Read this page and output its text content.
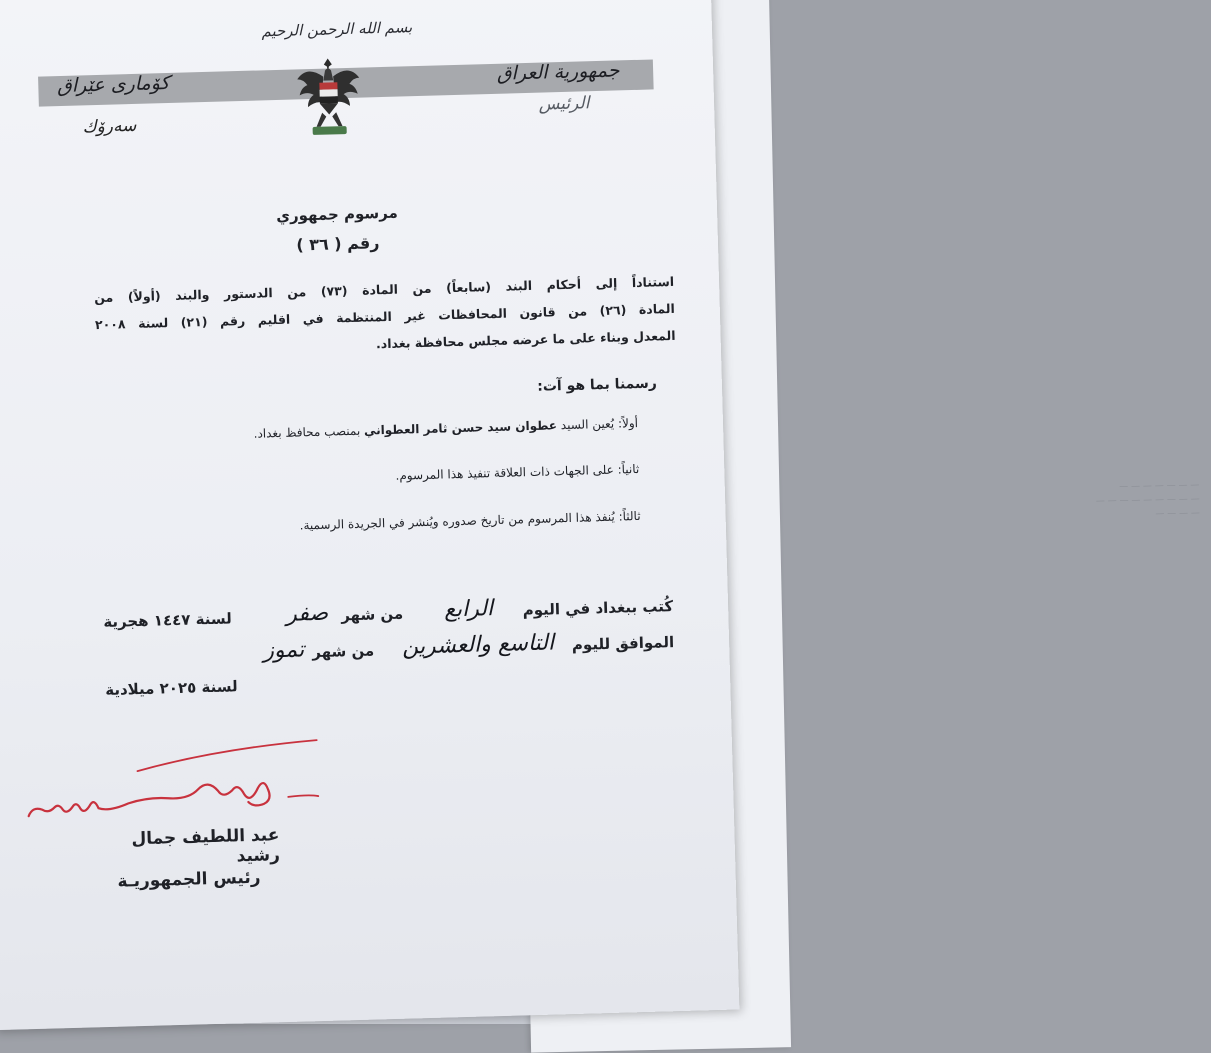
— — — — — — —
— — — — — — — — —
— — — —
بسم الله الرحمن الرحيم
كۆمارى عێراق	جمهورية العراق
سەرۆك
الرئيس
مرسوم جمهوري
رقم ( ٣٦ )
استناداً إلى أحكام البند (سابعاً) من المادة (٧٣) من الدستور والبند (أولاً) من
المادة (٢٦) من قانون المحافظات غير المنتظمة في اقليم رقم (٢١) لسنة ٢٠٠٨
المعدل وبناء على ما عرضه مجلس محافظة بغداد.
رسمنا بما هو آت:
أولاً: يُعين السيد عطوان سيد حسن ثامر العطواني بمنصب محافظ بغداد.
ثانياً: على الجهات ذات العلاقة تنفيذ هذا المرسوم.
ثالثاً: يُنفذ هذا المرسوم من تاريخ صدوره ويُنشر في الجريدة الرسمية.
كُتب ببغداد في اليوم
الرابع
من شهر
صفر
لسنة ١٤٤٧ هجرية
الموافق لليوم
التاسع والعشرين
من شهر
تموز
لسنة ٢٠٢٥ ميلادية
عبد اللطيف جمال رشيد
رئيس الجمهوريـة
